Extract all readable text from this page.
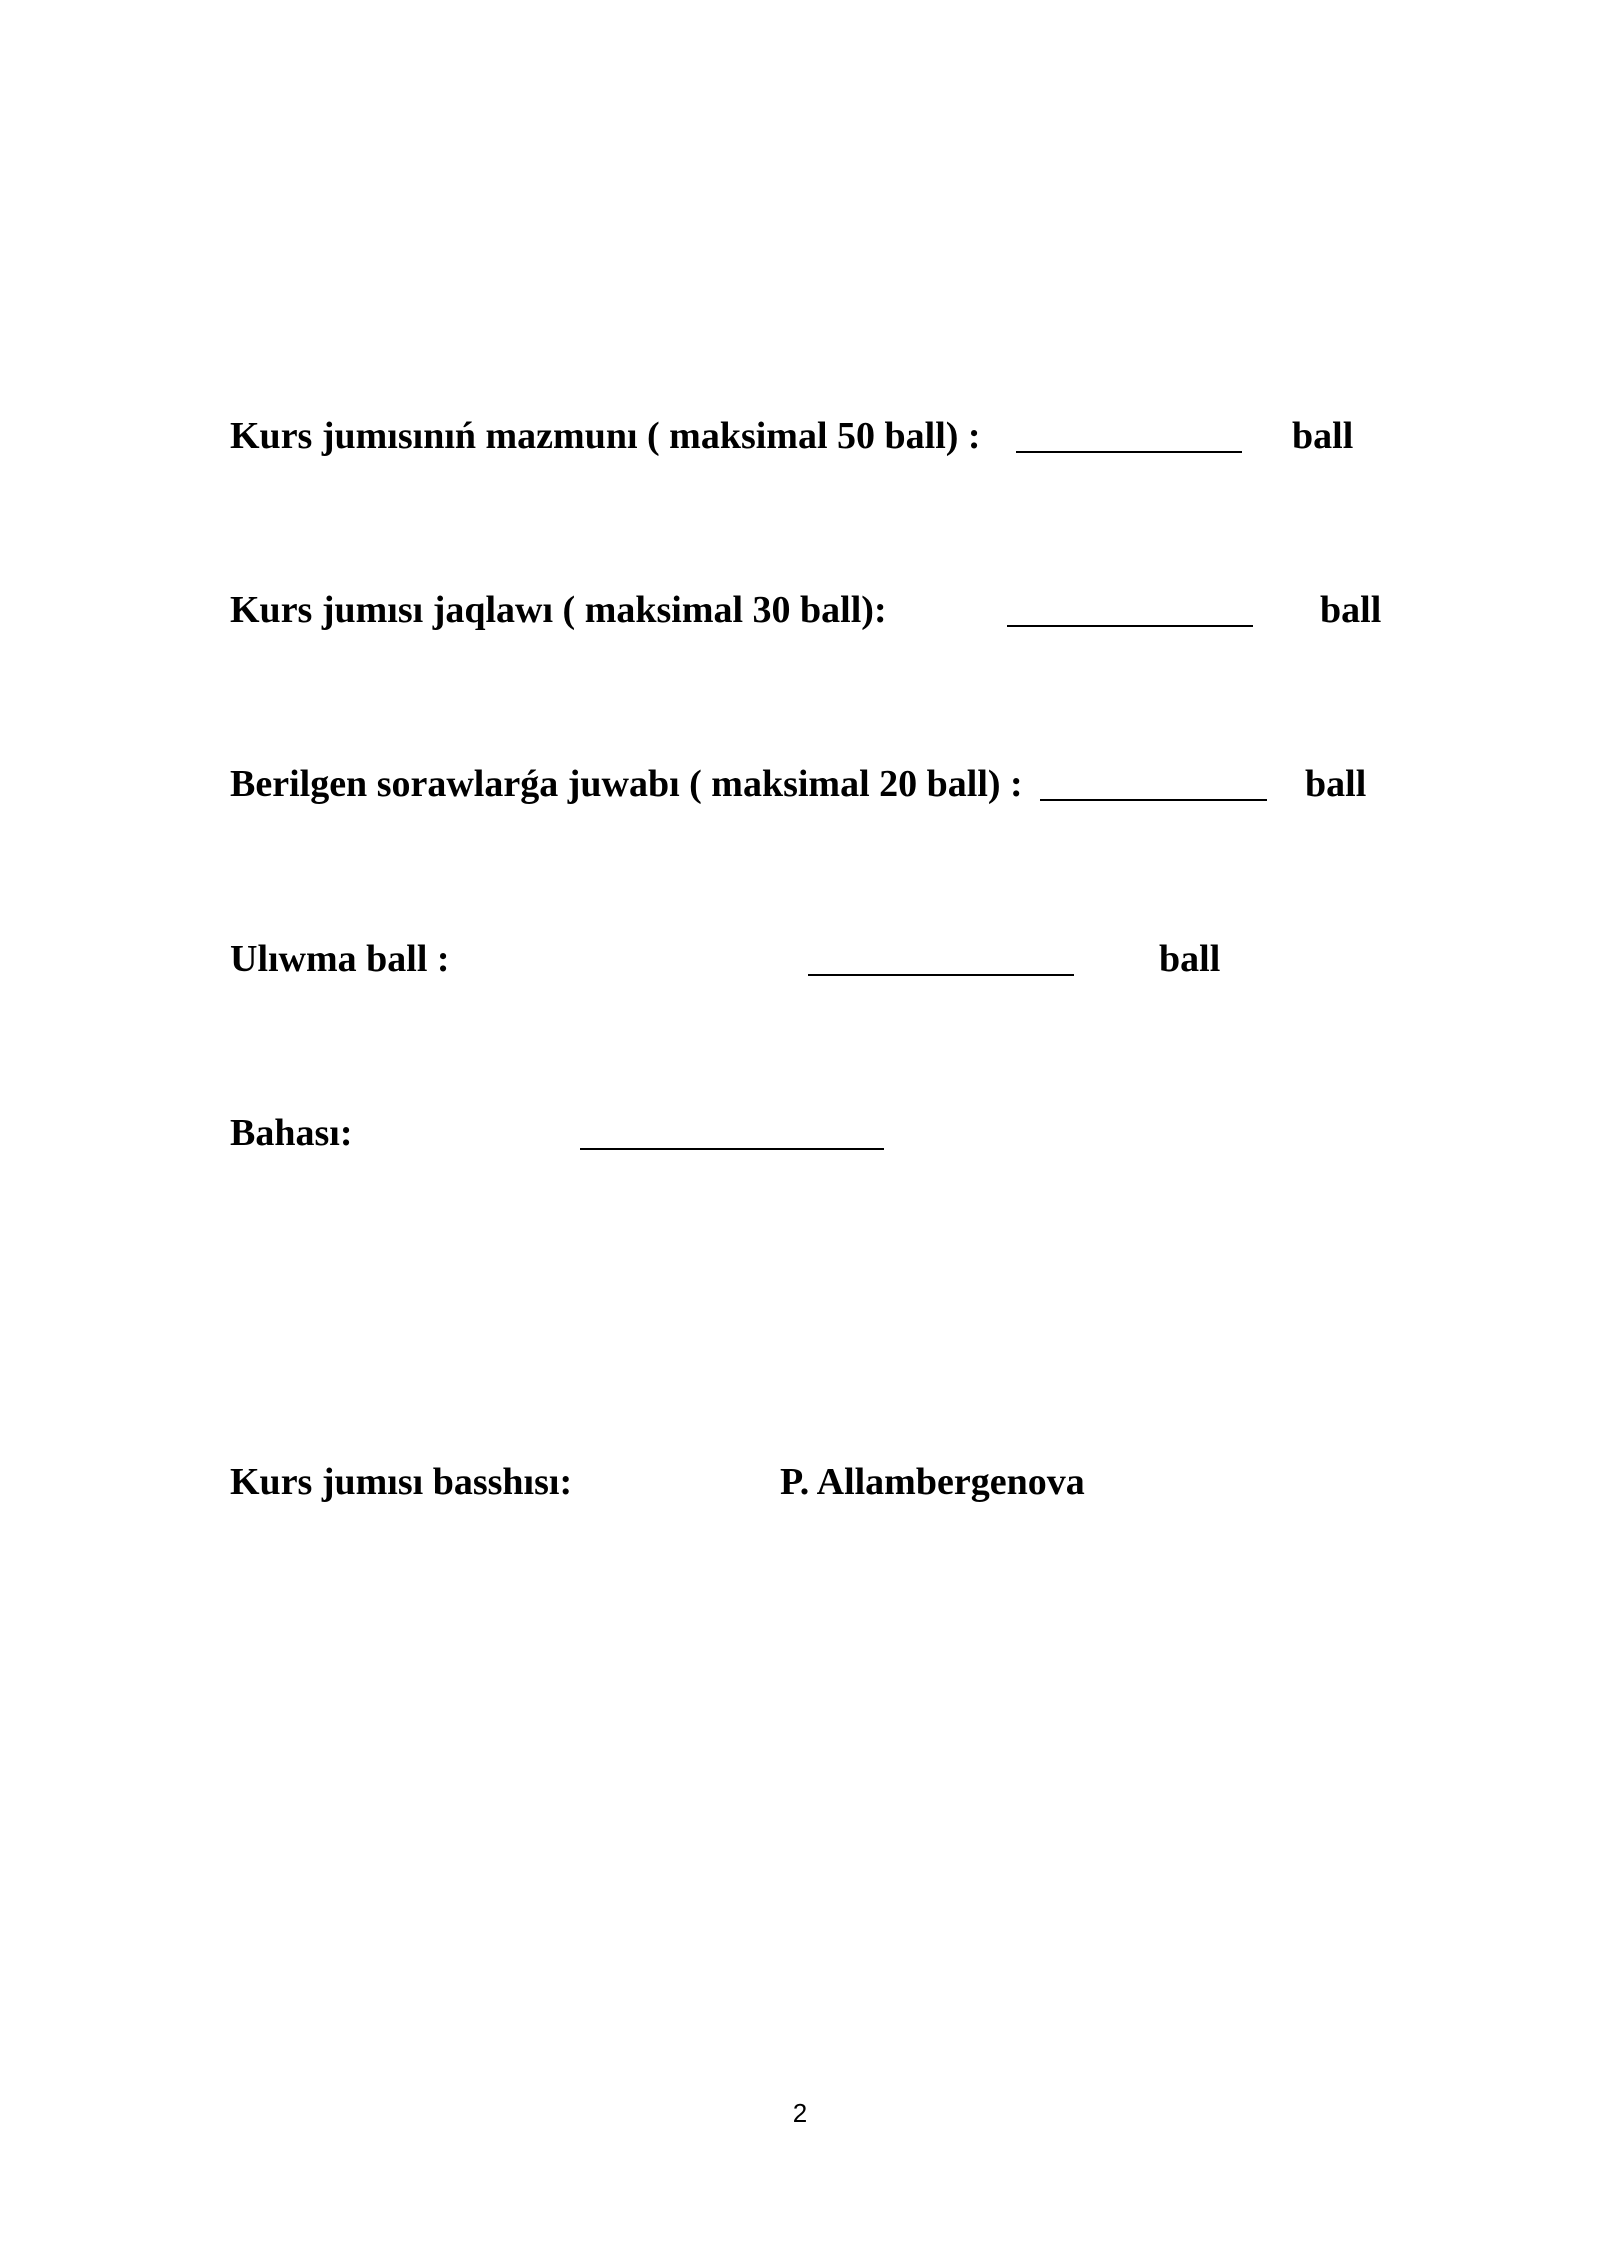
Kurs jumısınıń mazmunı ( maksimal 50 ball) :	ball
Kurs jumısı jaqlawı ( maksimal 30 ball):	ball
Berilgen sorawlarǵa juwabı ( maksimal 20 ball) :	ball
Ulıwma ball :	ball
Bahası:
Kurs jumısı basshısı:	P. Allambergenova
2
